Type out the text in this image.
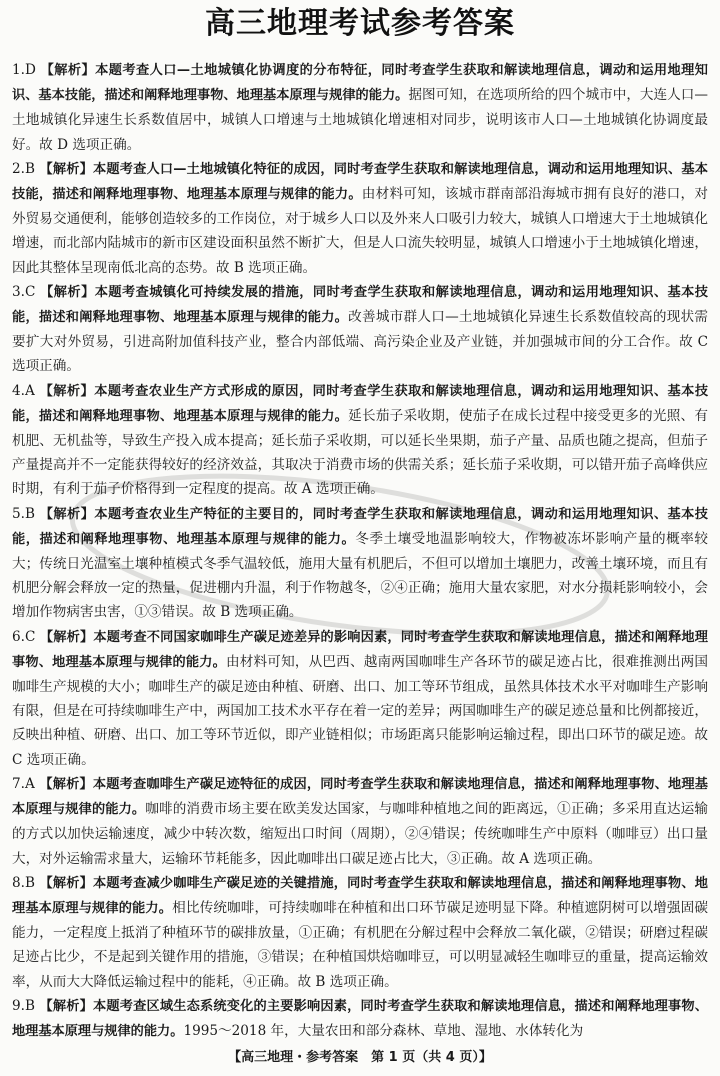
高三地理考试参考答案

1.D 【解析】本题考查人口—土地城镇化协调度的分布特征，同时考查学生获取和解读地理信息，调动和运用地理知识、基本技能，描述和阐释地理事物、地理基本原理与规律的能力。据图可知，在选项所给的四个城市中，大连人口—土地城镇化异速生长系数值居中，城镇人口增速与土地城镇化增速相对同步，说明该市人口—土地城镇化协调度最好。故 D 选项正确。

2.B 【解析】本题考查人口—土地城镇化特征的成因，同时考查学生获取和解读地理信息，调动和运用地理知识、基本技能，描述和阐释地理事物、地理基本原理与规律的能力。由材料可知，该城市群南部沿海城市拥有良好的港口，对外贸易交通便利，能够创造较多的工作岗位，对于城乡人口以及外来人口吸引力较大，城镇人口增速大于土地城镇化增速，而北部内陆城市的新市区建设面积虽然不断扩大，但是人口流失较明显，城镇人口增速小于土地城镇化增速，因此其整体呈现南低北高的态势。故 B 选项正确。

3.C 【解析】本题考查城镇化可持续发展的措施，同时考查学生获取和解读地理信息，调动和运用地理知识、基本技能，描述和阐释地理事物、地理基本原理与规律的能力。改善城市群人口—土地城镇化异速生长系数值较高的现状需要扩大对外贸易，引进高附加值科技产业，整合内部低端、高污染企业及产业链，并加强城市间的分工合作。故 C 选项正确。

4.A 【解析】本题考查农业生产方式形成的原因，同时考查学生获取和解读地理信息，调动和运用地理知识、基本技能，描述和阐释地理事物、地理基本原理与规律的能力。延长茄子采收期，使茄子在成长过程中接受更多的光照、有机肥、无机盐等，导致生产投入成本提高；延长茄子采收期，可以延长坐果期，茄子产量、品质也随之提高，但茄子产量提高并不一定能获得较好的经济效益，其取决于消费市场的供需关系；延长茄子采收期，可以错开茄子高峰供应时期，有利于茄子价格得到一定程度的提高。故 A 选项正确。

5.B 【解析】本题考查农业生产特征的主要目的，同时考查学生获取和解读地理信息，调动和运用地理知识、基本技能，描述和阐释地理事物、地理基本原理与规律的能力。冬季土壤受地温影响较大，作物被冻坏影响产量的概率较大；传统日光温室土壤种植模式冬季气温较低，施用大量有机肥后，不但可以增加土壤肥力，改善土壤环境，而且有机肥分解会释放一定的热量，促进棚内升温，利于作物越冬，②④正确；施用大量农家肥，对水分损耗影响较小，会增加作物病害虫害，①③错误。故 B 选项正确。

6.C 【解析】本题考查不同国家咖啡生产碳足迹差异的影响因素，同时考查学生获取和解读地理信息，描述和阐释地理事物、地理基本原理与规律的能力。由材料可知，从巴西、越南两国咖啡生产各环节的碳足迹占比，很难推测出两国咖啡生产规模的大小；咖啡生产的碳足迹由种植、研磨、出口、加工等环节组成，虽然具体技术水平对咖啡生产影响有限，但是在可持续咖啡生产中，两国加工技术水平存在着一定的差异；两国咖啡生产的碳足迹总量和比例都接近，反映出种植、研磨、出口、加工等环节近似，即产业链相似；市场距离只能影响运输过程，即出口环节的碳足迹。故 C 选项正确。

7.A 【解析】本题考查咖啡生产碳足迹特征的成因，同时考查学生获取和解读地理信息，描述和阐释地理事物、地理基本原理与规律的能力。咖啡的消费市场主要在欧美发达国家，与咖啡种植地之间的距离远，①正确；多采用直达运输的方式以加快运输速度，减少中转次数，缩短出口时间（周期），②④错误；传统咖啡生产中原料（咖啡豆）出口量大，对外运输需求量大，运输环节耗能多，因此咖啡出口碳足迹占比大，③正确。故 A 选项正确。

8.B 【解析】本题考查减少咖啡生产碳足迹的关键措施，同时考查学生获取和解读地理信息，描述和阐释地理事物、地理基本原理与规律的能力。相比传统咖啡，可持续咖啡在种植和出口环节碳足迹明显下降。种植遮阴树可以增强固碳能力，一定程度上抵消了种植环节的碳排放量，①正确；有机肥在分解过程中会释放二氧化碳，②错误；研磨过程碳足迹占比少，不是起到关键作用的措施，③错误；在种植国烘焙咖啡豆，可以明显减轻生咖啡豆的重量，提高运输效率，从而大大降低运输过程中的能耗，④正确。故 B 选项正确。

9.B 【解析】本题考查区域生态系统变化的主要影响因素，同时考查学生获取和解读地理信息，描述和阐释地理事物、地理基本原理与规律的能力。1995～2018 年，大量农田和部分森林、草地、湿地、水体转化为

【高三地理・参考答案　第 1 页（共 4 页）】
